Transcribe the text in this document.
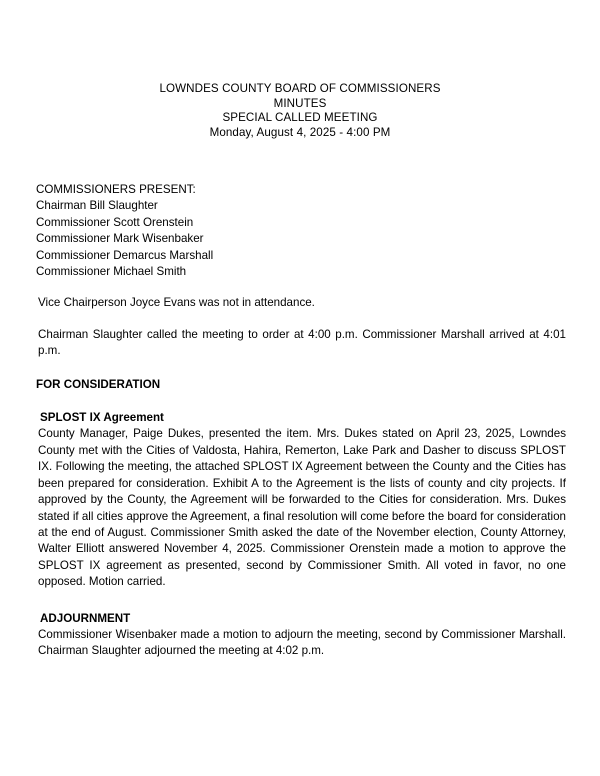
LOWNDES COUNTY BOARD OF COMMISSIONERS
MINUTES
SPECIAL CALLED MEETING
Monday, August 4, 2025 - 4:00 PM
COMMISSIONERS PRESENT:
Chairman Bill Slaughter
Commissioner Scott Orenstein
Commissioner Mark Wisenbaker
Commissioner Demarcus Marshall
Commissioner Michael Smith

Vice Chairperson Joyce Evans was not in attendance.

Chairman Slaughter called the meeting to order at 4:00 p.m. Commissioner Marshall arrived at 4:01 p.m.

FOR CONSIDERATION
SPLOST IX Agreement

County Manager, Paige Dukes, presented the item. Mrs. Dukes stated on April 23, 2025, Lowndes County met with the Cities of Valdosta, Hahira, Remerton, Lake Park and Dasher to discuss SPLOST IX. Following the meeting, the attached SPLOST IX Agreement between the County and the Cities has been prepared for consideration. Exhibit A to the Agreement is the lists of county and city projects. If approved by the County, the Agreement will be forwarded to the Cities for consideration. Mrs. Dukes stated if all cities approve the Agreement, a final resolution will come before the board for consideration at the end of August. Commissioner Smith asked the date of the November election, County Attorney, Walter Elliott answered November 4, 2025. Commissioner Orenstein made a motion to approve the SPLOST IX agreement as presented, second by Commissioner Smith. All voted in favor, no one opposed. Motion carried.

ADJOURNMENT

Commissioner Wisenbaker made a motion to adjourn the meeting, second by Commissioner Marshall. Chairman Slaughter adjourned the meeting at 4:02 p.m.
